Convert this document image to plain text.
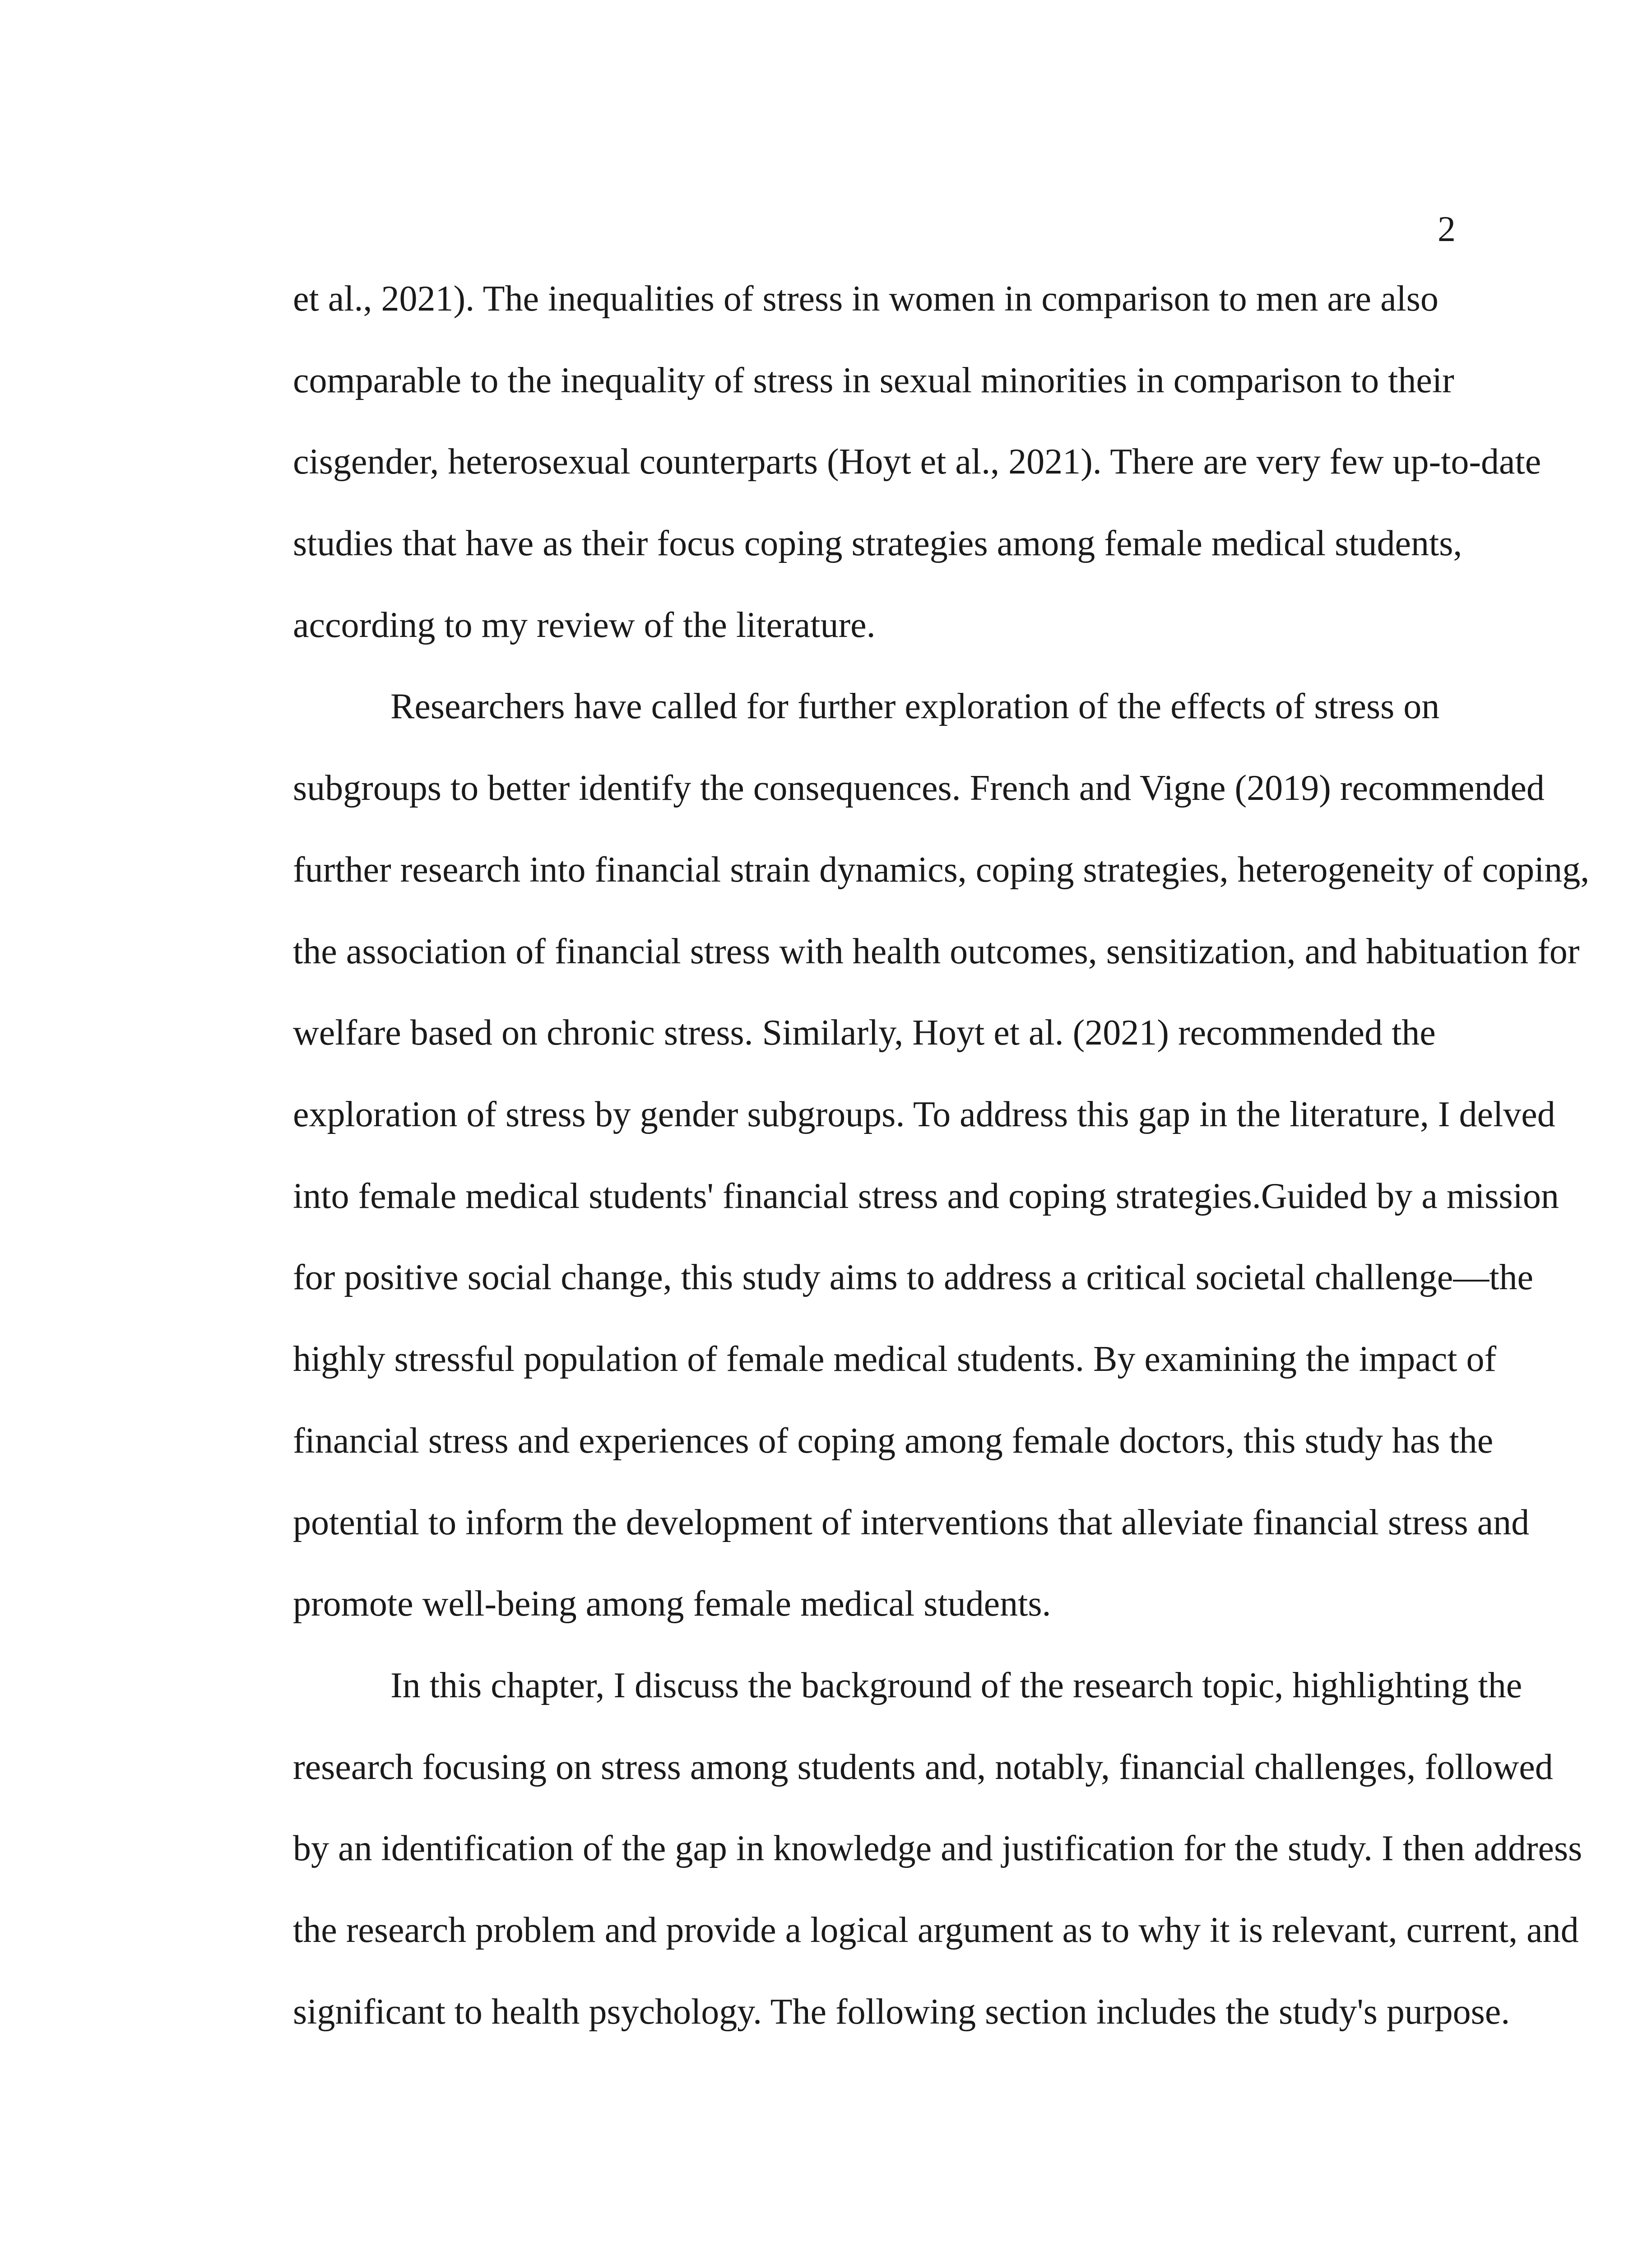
2
et al., 2021). The inequalities of stress in women in comparison to men are also
comparable to the inequality of stress in sexual minorities in comparison to their
cisgender, heterosexual counterparts (Hoyt et al., 2021). There are very few up-to-date
studies that have as their focus coping strategies among female medical students,
according to my review of the literature.
Researchers have called for further exploration of the effects of stress on
subgroups to better identify the consequences. French and Vigne (2019) recommended
further research into financial strain dynamics, coping strategies, heterogeneity of coping,
the association of financial stress with health outcomes, sensitization, and habituation for
welfare based on chronic stress. Similarly, Hoyt et al. (2021) recommended the
exploration of stress by gender subgroups. To address this gap in the literature, I delved
into female medical students' financial stress and coping strategies.Guided by a mission
for positive social change, this study aims to address a critical societal challenge—the
highly stressful population of female medical students. By examining the impact of
financial stress and experiences of coping among female doctors, this study has the
potential to inform the development of interventions that alleviate financial stress and
promote well-being among female medical students.
In this chapter, I discuss the background of the research topic, highlighting the
research focusing on stress among students and, notably, financial challenges, followed
by an identification of the gap in knowledge and justification for the study. I then address
the research problem and provide a logical argument as to why it is relevant, current, and
significant to health psychology. The following section includes the study's purpose.
